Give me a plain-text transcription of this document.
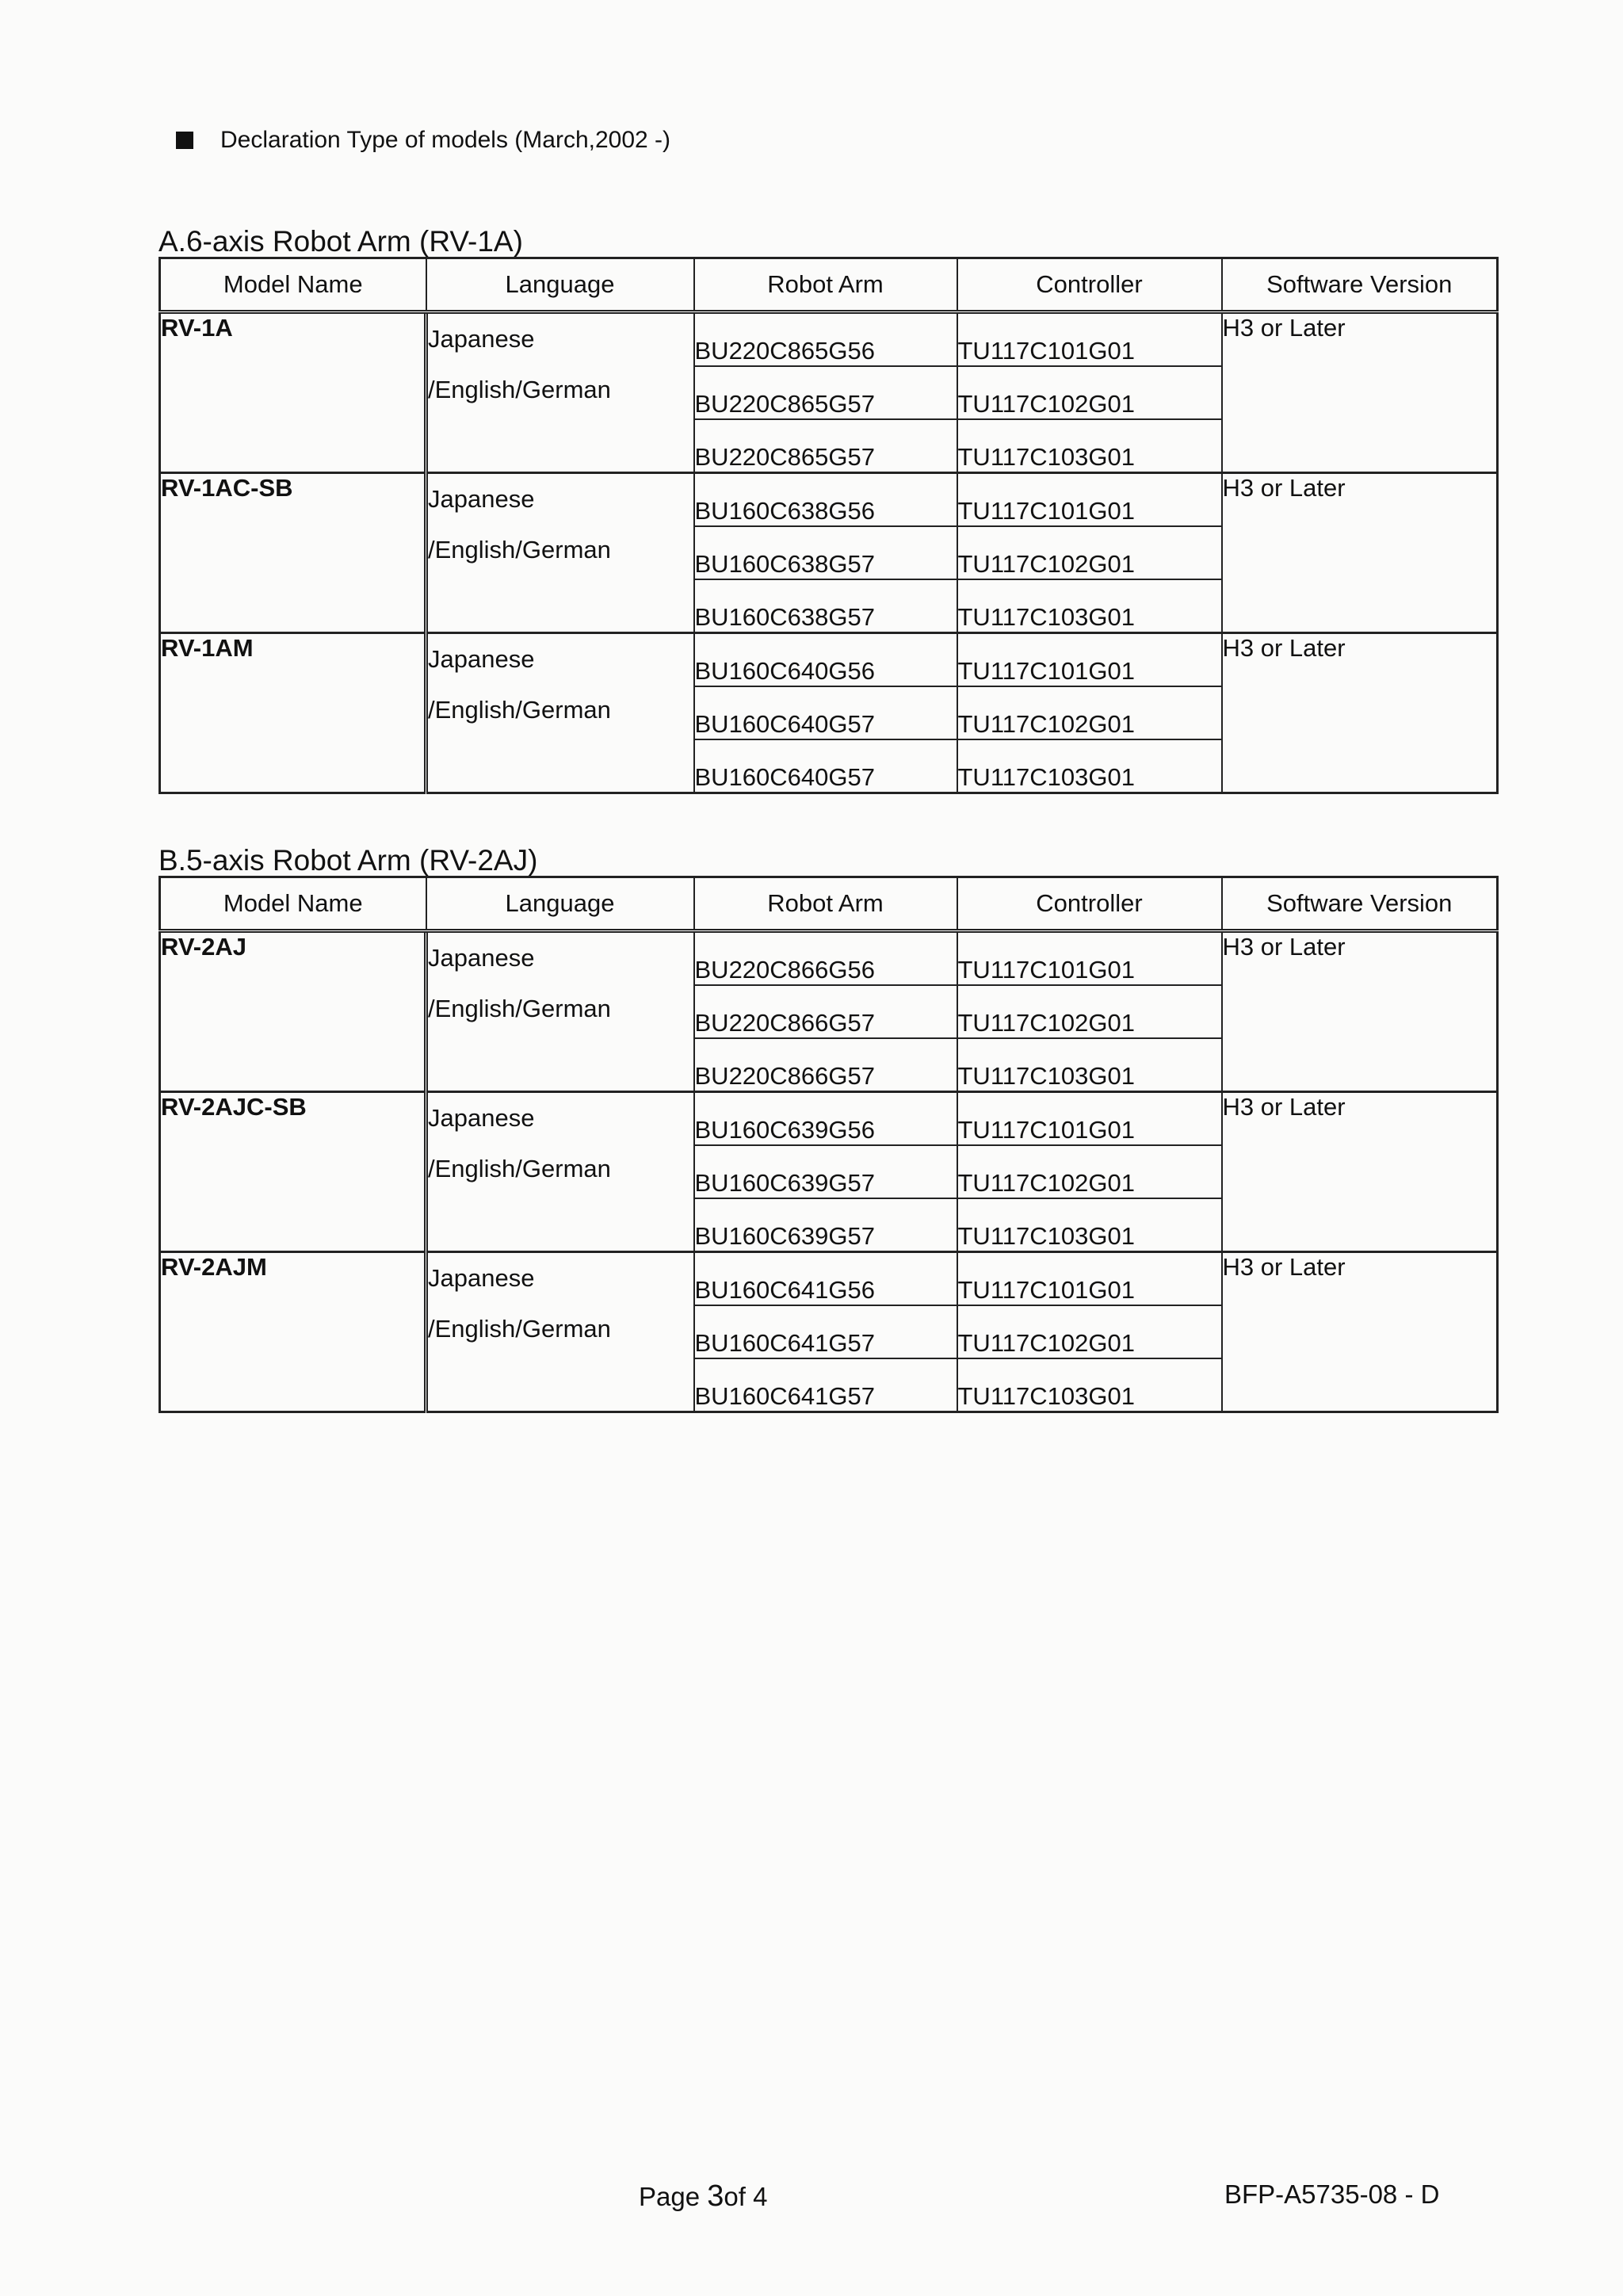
Declaration Type of models (March,2002 -)
A.6-axis Robot Arm (RV-1A)
Model Name	Language	Robot Arm	Controller	Software Version
RV-1A	Japanese
/English/German	BU220C865G56	TU117C101G01	H3 or Later
		BU220C865G57	TU117C102G01	
		BU220C865G57	TU117C103G01	
RV-1AC-SB	Japanese
/English/German	BU160C638G56	TU117C101G01	H3 or Later
		BU160C638G57	TU117C102G01	
		BU160C638G57	TU117C103G01	
RV-1AM	Japanese
/English/German	BU160C640G56	TU117C101G01	H3 or Later
		BU160C640G57	TU117C102G01	
		BU160C640G57	TU117C103G01	
B.5-axis Robot Arm (RV-2AJ)
Model Name	Language	Robot Arm	Controller	Software Version
RV-2AJ	Japanese
/English/German	BU220C866G56	TU117C101G01	H3 or Later
		BU220C866G57	TU117C102G01	
		BU220C866G57	TU117C103G01	
RV-2AJC-SB	Japanese
/English/German	BU160C639G56	TU117C101G01	H3 or Later
		BU160C639G57	TU117C102G01	
		BU160C639G57	TU117C103G01	
RV-2AJM	Japanese
/English/German	BU160C641G56	TU117C101G01	H3 or Later
		BU160C641G57	TU117C102G01	
		BU160C641G57	TU117C103G01	
Page 3of 4	BFP-A5735-08 - D
